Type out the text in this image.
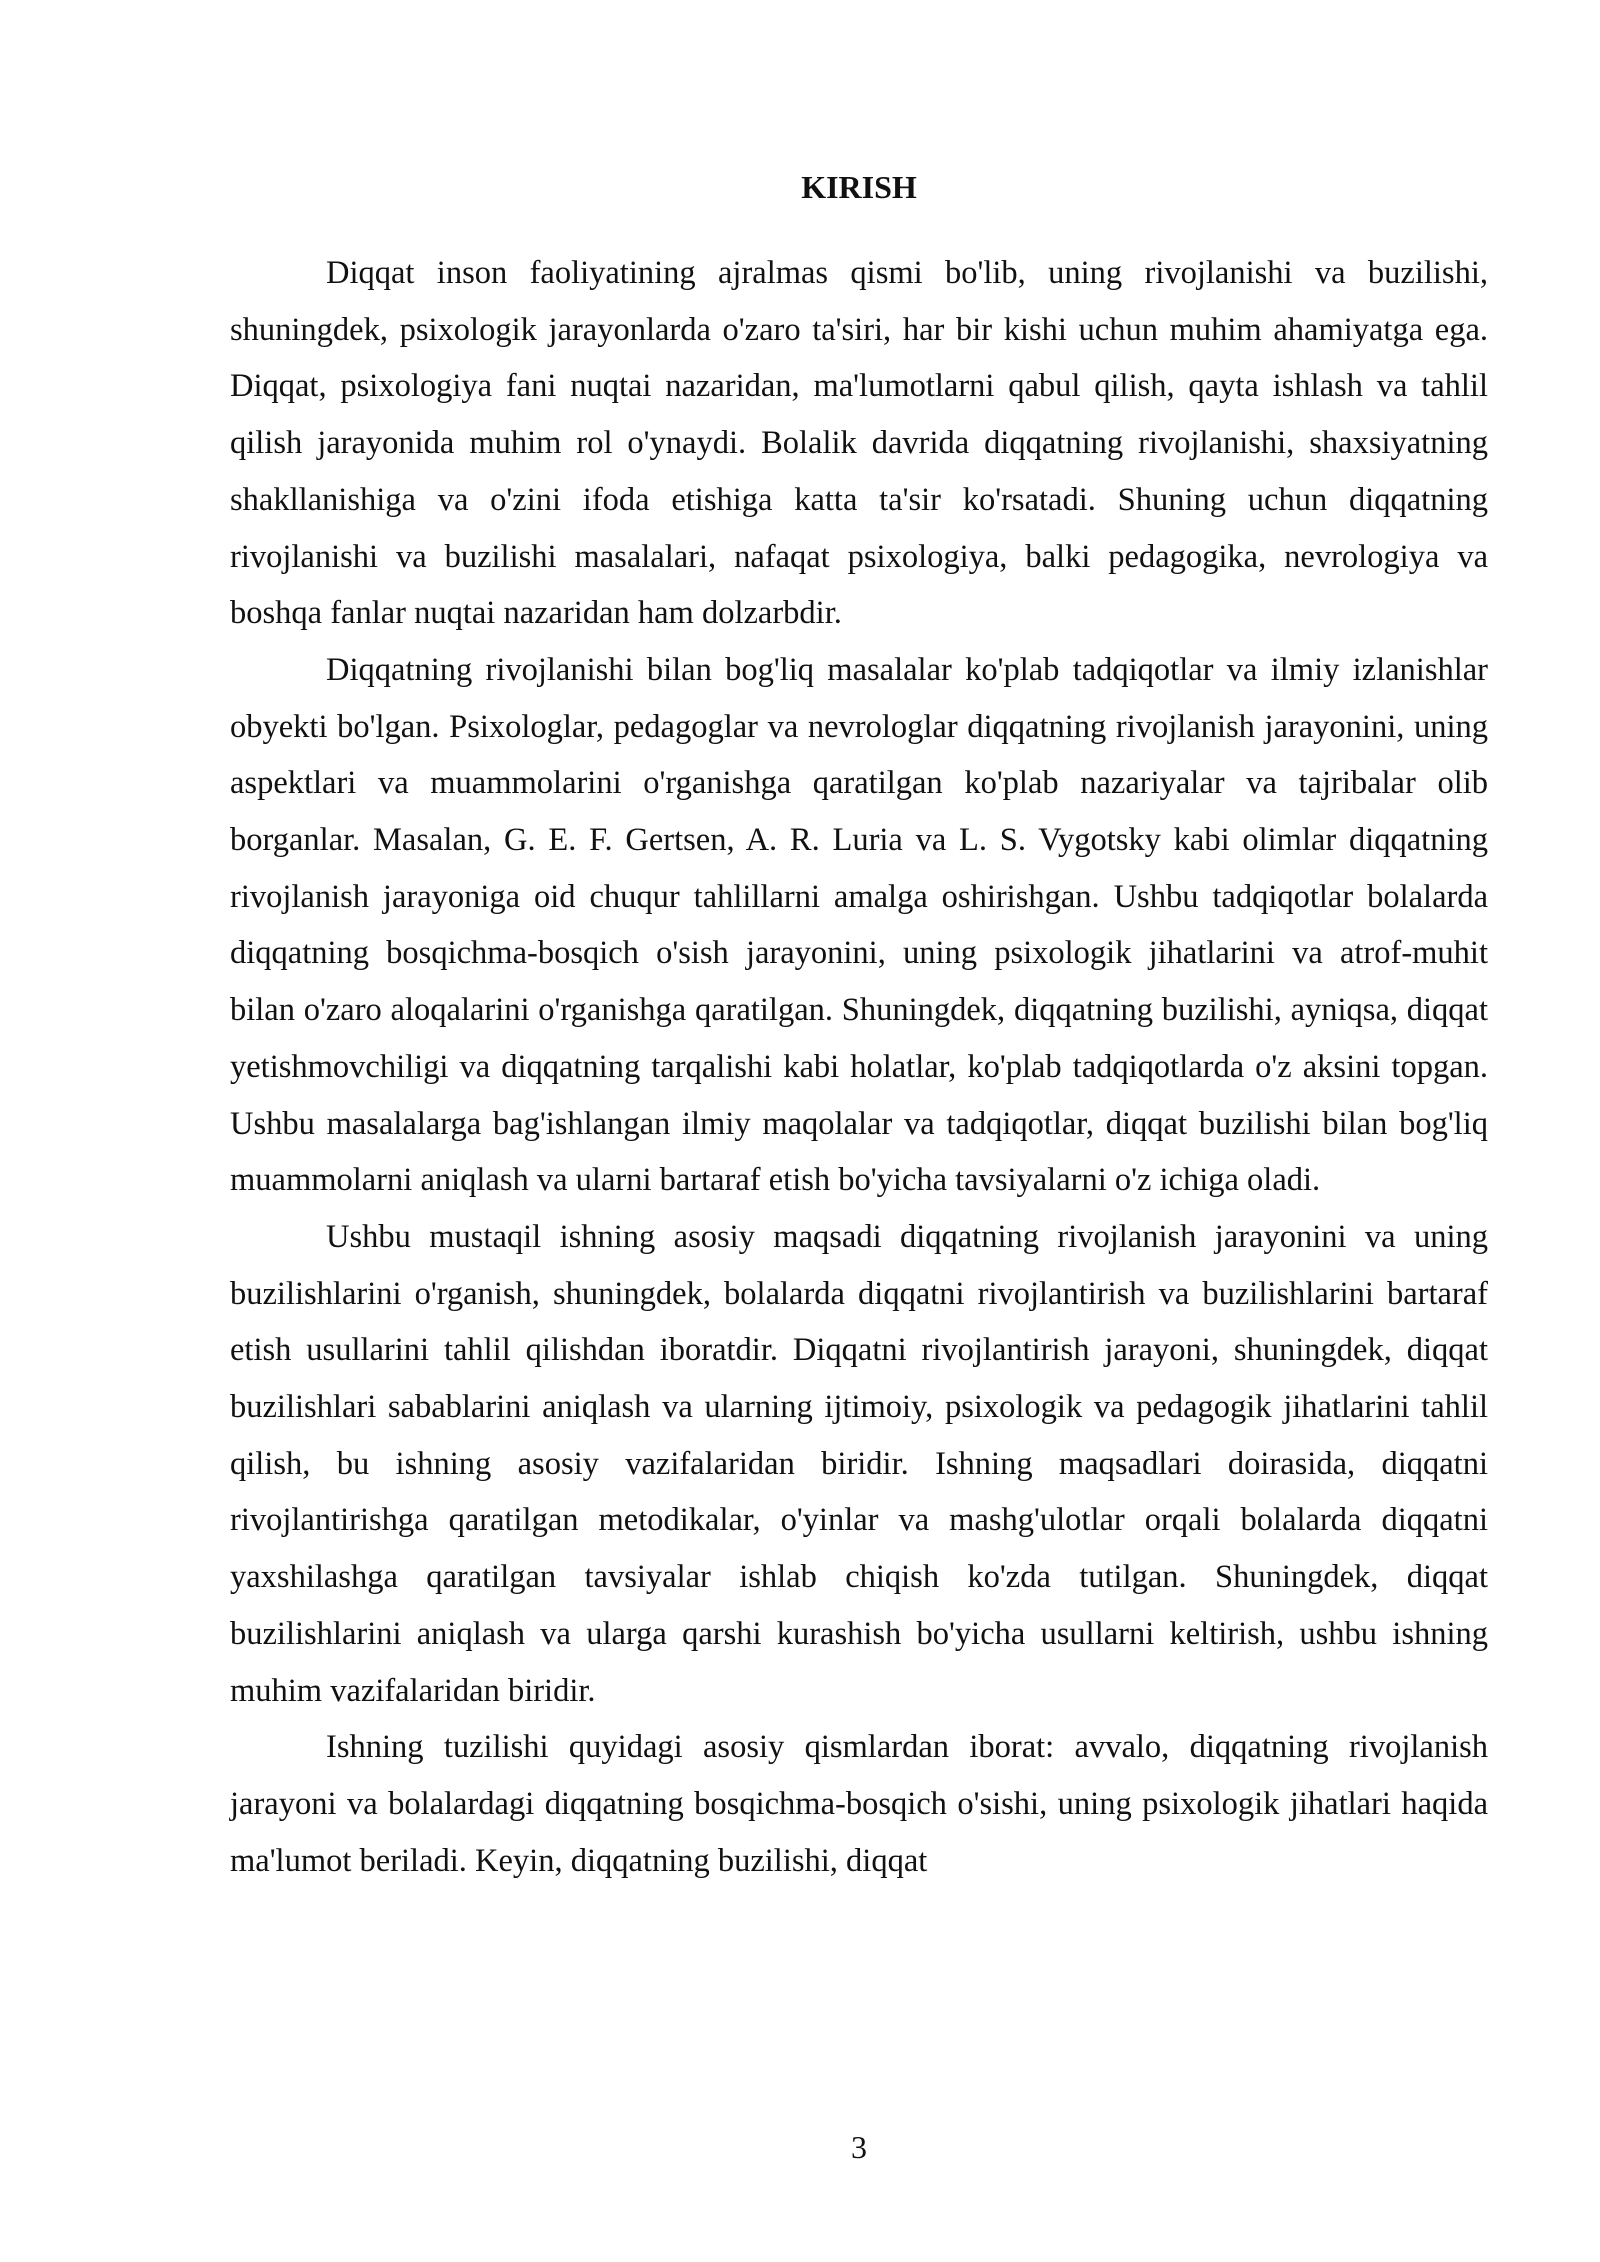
KIRISH

Diqqat inson faoliyatining ajralmas qismi bo'lib, uning rivojlanishi va buzilishi, shuningdek, psixologik jarayonlarda o'zaro ta'siri, har bir kishi uchun muhim ahamiyatga ega. Diqqat, psixologiya fani nuqtai nazaridan, ma'lumotlarni qabul qilish, qayta ishlash va tahlil qilish jarayonida muhim rol o'ynaydi. Bolalik davrida diqqatning rivojlanishi, shaxsiyatning shakllanishiga va o'zini ifoda etishiga katta ta'sir ko'rsatadi. Shuning uchun diqqatning rivojlanishi va buzilishi masalalari, nafaqat psixologiya, balki pedagogika, nevrologiya va boshqa fanlar nuqtai nazaridan ham dolzarbdir.

Diqqatning rivojlanishi bilan bog'liq masalalar ko'plab tadqiqotlar va ilmiy izlanishlar obyekti bo'lgan. Psixologlar, pedagoglar va nevrologlar diqqatning rivojlanish jarayonini, uning aspektlari va muammolarini o'rganishga qaratilgan ko'plab nazariyalar va tajribalar olib borganlar. Masalan, G. E. F. Gertsen, A. R. Luria va L. S. Vygotsky kabi olimlar diqqatning rivojlanish jarayoniga oid chuqur tahlillarni amalga oshirishgan. Ushbu tadqiqotlar bolalarda diqqatning bosqichma-bosqich o'sish jarayonini, uning psixologik jihatlarini va atrof-muhit bilan o'zaro aloqalarini o'rganishga qaratilgan. Shuningdek, diqqatning buzilishi, ayniqsa, diqqat yetishmovchiligi va diqqatning tarqalishi kabi holatlar, ko'plab tadqiqotlarda o'z aksini topgan. Ushbu masalalarga bag'ishlangan ilmiy maqolalar va tadqiqotlar, diqqat buzilishi bilan bog'liq muammolarni aniqlash va ularni bartaraf etish bo'yicha tavsiyalarni o'z ichiga oladi.

Ushbu mustaqil ishning asosiy maqsadi diqqatning rivojlanish jarayonini va uning buzilishlarini o'rganish, shuningdek, bolalarda diqqatni rivojlantirish va buzilishlarini bartaraf etish usullarini tahlil qilishdan iboratdir. Diqqatni rivojlantirish jarayoni, shuningdek, diqqat buzilishlari sabablarini aniqlash va ularning ijtimoiy, psixologik va pedagogik jihatlarini tahlil qilish, bu ishning asosiy vazifalaridan biridir. Ishning maqsadlari doirasida, diqqatni rivojlantirishga qaratilgan metodikalar, o'yinlar va mashg'ulotlar orqali bolalarda diqqatni yaxshilashga qaratilgan tavsiyalar ishlab chiqish ko'zda tutilgan. Shuningdek, diqqat buzilishlarini aniqlash va ularga qarshi kurashish bo'yicha usullarni keltirish, ushbu ishning muhim vazifalaridan biridir.

Ishning tuzilishi quyidagi asosiy qismlardan iborat: avvalo, diqqatning rivojlanish jarayoni va bolalardagi diqqatning bosqichma-bosqich o'sishi, uning psixologik jihatlari haqida ma'lumot beriladi. Keyin, diqqatning buzilishi, diqqat

3
